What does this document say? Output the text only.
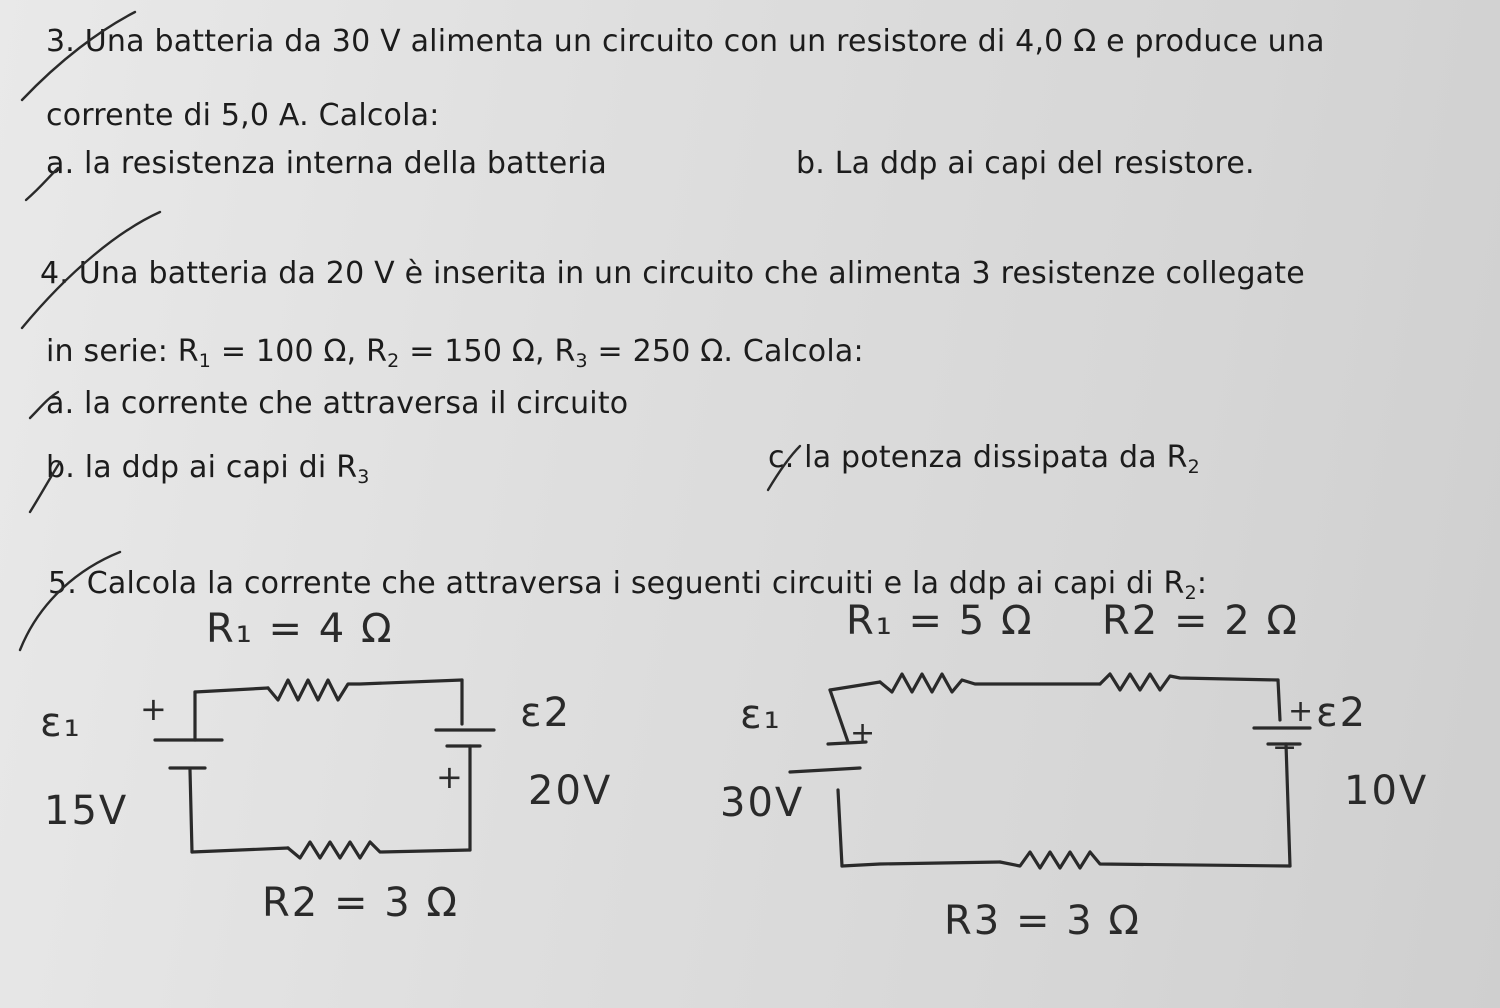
3. Una batteria da 30 V alimenta un circuito con un resistore di 4,0 Ω e produce una
corrente di 5,0 A. Calcola:
a. la resistenza interna della batteria	b. La ddp ai capi del resistore.
4. Una batteria da 20 V è inserita in un circuito che alimenta 3 resistenze collegate
in serie: $R_1 = 100$ Ω, $R_2 = 150$ Ω, $R_3 = 250$ Ω. Calcola:
a. la corrente che attraversa il circuito
b. la ddp ai capi di $R_3$
c. la potenza dissipata da $R_2$
5. Calcola la corrente che attraversa i seguenti circuiti e la ddp ai capi di $R_2$:
R₁ = 4 Ω
R2 = 3 Ω
ε₁
15V
+	ε2
20V
+
R₁ = 5 Ω R2 = 2 Ω
R3 = 3 Ω
ε₁
30V
+	ε2
10V
+
−
